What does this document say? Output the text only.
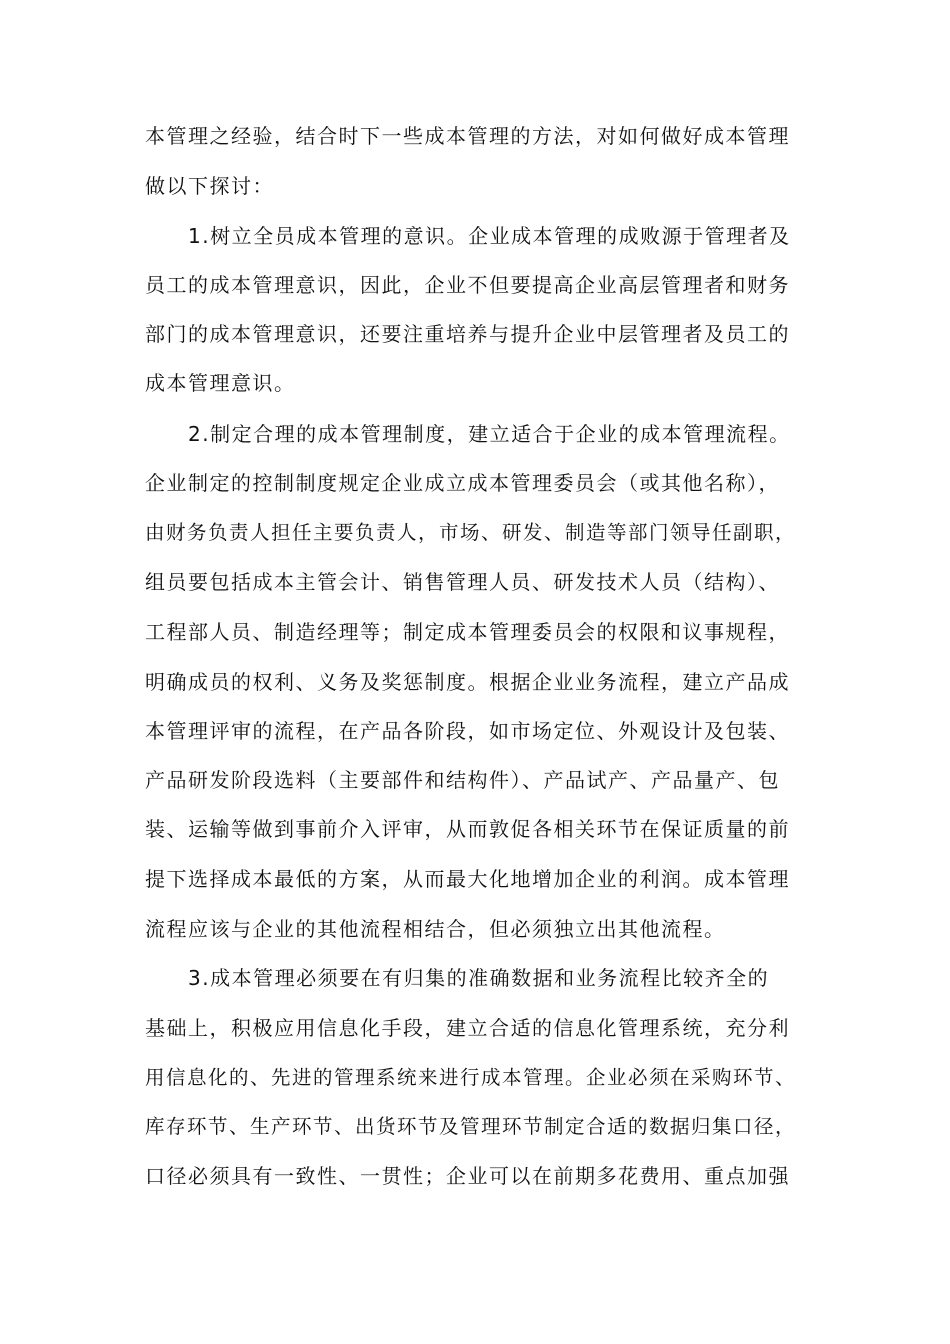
本管理之经验，结合时下一些成本管理的方法，对如何做好成本管理
做以下探讨：
1.树立全员成本管理的意识。企业成本管理的成败源于管理者及
员工的成本管理意识，因此，企业不但要提高企业高层管理者和财务
部门的成本管理意识，还要注重培养与提升企业中层管理者及员工的
成本管理意识。
2.制定合理的成本管理制度，建立适合于企业的成本管理流程。
企业制定的控制制度规定企业成立成本管理委员会（或其他名称），
由财务负责人担任主要负责人，市场、研发、制造等部门领导任副职，
组员要包括成本主管会计、销售管理人员、研发技术人员（结构）、
工程部人员、制造经理等；制定成本管理委员会的权限和议事规程，
明确成员的权利、义务及奖惩制度。根据企业业务流程，建立产品成
本管理评审的流程，在产品各阶段，如市场定位、外观设计及包装、
产品研发阶段选料（主要部件和结构件）、产品试产、产品量产、包
装、运输等做到事前介入评审，从而敦促各相关环节在保证质量的前
提下选择成本最低的方案，从而最大化地增加企业的利润。成本管理
流程应该与企业的其他流程相结合，但必须独立出其他流程。
3.成本管理必须要在有归集的准确数据和业务流程比较齐全的
基础上，积极应用信息化手段，建立合适的信息化管理系统，充分利
用信息化的、先进的管理系统来进行成本管理。企业必须在采购环节、
库存环节、生产环节、出货环节及管理环节制定合适的数据归集口径，
口径必须具有一致性、一贯性；企业可以在前期多花费用、重点加强
